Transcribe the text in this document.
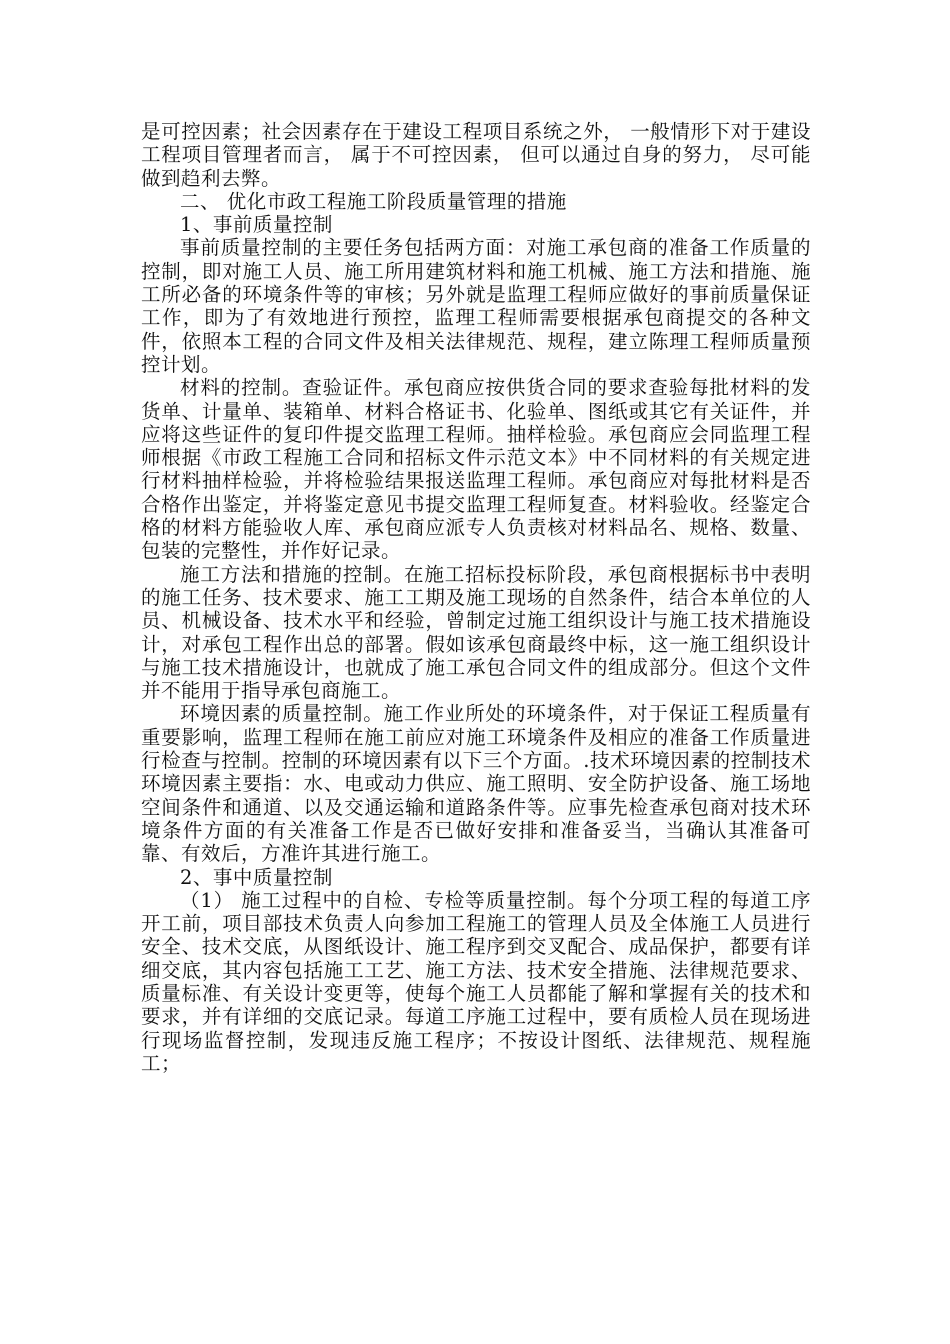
是可控因素；社会因素存在于建设工程项目系统之外， 一般情形下对于建设工程项目管理者而言， 属于不可控因素， 但可以通过自身的努力， 尽可能做到趋利去弊。

二、 优化市政工程施工阶段质量管理的措施

1、事前质量控制

事前质量控制的主要任务包括两方面：对施工承包商的准备工作质量的控制，即对施工人员、施工所用建筑材料和施工机械、施工方法和措施、施工所必备的环境条件等的审核；另外就是监理工程师应做好的事前质量保证工作，即为了有效地进行预控，监理工程师需要根据承包商提交的各种文件，依照本工程的合同文件及相关法律规范、规程，建立陈理工程师质量预控计划。

材料的控制。查验证件。承包商应按供货合同的要求查验每批材料的发货单、计量单、装箱单、材料合格证书、化验单、图纸或其它有关证件，并应将这些证件的复印件提交监理工程师。抽样检验。承包商应会同监理工程师根据《市政工程施工合同和招标文件示范文本》中不同材料的有关规定进行材料抽样检验，并将检验结果报送监理工程师。承包商应对每批材料是否合格作出鉴定，并将鉴定意见书提交监理工程师复查。材料验收。经鉴定合格的材料方能验收人库、承包商应派专人负责核对材料品名、规格、数量、包装的完整性，并作好记录。

施工方法和措施的控制。在施工招标投标阶段，承包商根据标书中表明的施工任务、技术要求、施工工期及施工现场的自然条件，结合本单位的人员、机械设备、技术水平和经验，曾制定过施工组织设计与施工技术措施设计，对承包工程作出总的部署。假如该承包商最终中标，这一施工组织设计与施工技术措施设计，也就成了施工承包合同文件的组成部分。但这个文件并不能用于指导承包商施工。

环境因素的质量控制。施工作业所处的环境条件，对于保证工程质量有重要影响，监理工程师在施工前应对施工环境条件及相应的准备工作质量进行检查与控制。控制的环境因素有以下三个方面。.技术环境因素的控制技术环境因素主要指：水、电或动力供应、施工照明、安全防护设备、施工场地空间条件和通道、以及交通运输和道路条件等。应事先检查承包商对技术环境条件方面的有关准备工作是否已做好安排和准备妥当，当确认其准备可靠、有效后，方准许其进行施工。

2、事中质量控制

（1） 施工过程中的自检、专检等质量控制。每个分项工程的每道工序开工前，项目部技术负责人向参加工程施工的管理人员及全体施工人员进行安全、技术交底，从图纸设计、施工程序到交叉配合、成品保护，都要有详细交底，其内容包括施工工艺、施工方法、技术安全措施、法律规范要求、质量标准、有关设计变更等，使每个施工人员都能了解和掌握有关的技术和要求，并有详细的交底记录。每道工序施工过程中，要有质检人员在现场进行现场监督控制，发现违反施工程序；不按设计图纸、法律规范、规程施工；
